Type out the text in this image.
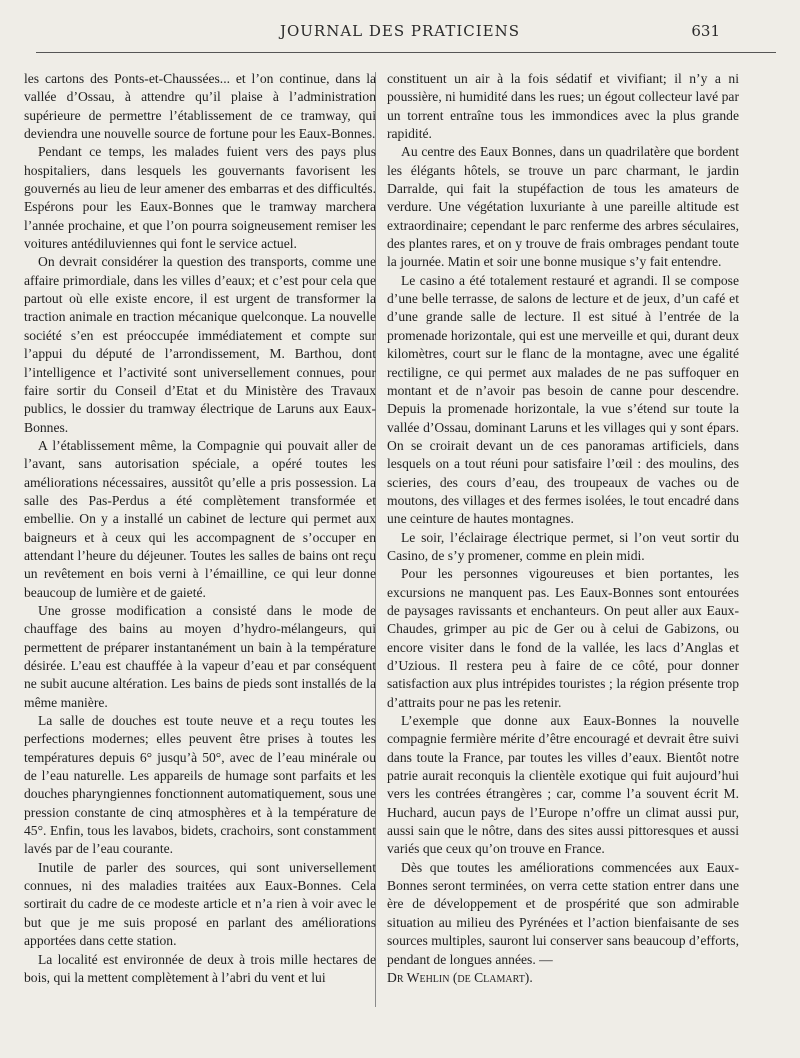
JOURNAL DES PRATICIENS	631

les cartons des Ponts-et-Chaussées... et l’on continue, dans la vallée d’Ossau, à attendre qu’il plaise à l’administration supérieure de permettre l’établissement de ce tramway, qui deviendra une nouvelle source de fortune pour les Eaux-Bonnes.

Pendant ce temps, les malades fuient vers des pays plus hospitaliers, dans lesquels les gouvernants favorisent les gouvernés au lieu de leur amener des embarras et des difficultés. Espérons pour les Eaux-Bonnes que le tramway marchera l’année prochaine, et que l’on pourra soigneusement remiser les voitures antédiluviennes qui font le service actuel.

On devrait considérer la question des transports, comme une affaire primordiale, dans les villes d’eaux; et c’est pour cela que partout où elle existe encore, il est urgent de transformer la traction animale en traction mécanique quelconque. La nouvelle société s’en est préoccupée immédiatement et compte sur l’appui du député de l’arrondissement, M. Barthou, dont l’intelligence et l’activité sont universellement connues, pour faire sortir du Conseil d’Etat et du Ministère des Travaux publics, le dossier du tramway électrique de Laruns aux Eaux-Bonnes.

A l’établissement même, la Compagnie qui pouvait aller de l’avant, sans autorisation spéciale, a opéré toutes les améliorations nécessaires, aussitôt qu’elle a pris possession. La salle des Pas-Perdus a été complètement transformée et embellie. On y a installé un cabinet de lecture qui permet aux baigneurs et à ceux qui les accompagnent de s’occuper en attendant l’heure du déjeuner. Toutes les salles de bains ont reçu un revêtement en bois verni à l’émailline, ce qui leur donne beaucoup de lumière et de gaieté.

Une grosse modification a consisté dans le mode de chauffage des bains au moyen d’hydro-mélangeurs, qui permettent de préparer instantanément un bain à la température désirée. L’eau est chauffée à la vapeur d’eau et par conséquent ne subit aucune altération. Les bains de pieds sont installés de la même manière.

La salle de douches est toute neuve et a reçu toutes les perfections modernes; elles peuvent être prises à toutes les températures depuis 6° jusqu’à 50°, avec de l’eau minérale ou de l’eau naturelle. Les appareils de humage sont parfaits et les douches pharyngiennes fonctionnent automatiquement, sous une pression constante de cinq atmosphères et à la température de 45°. Enfin, tous les lavabos, bidets, crachoirs, sont constamment lavés par de l’eau courante.

Inutile de parler des sources, qui sont universellement connues, ni des maladies traitées aux Eaux-Bonnes. Cela sortirait du cadre de ce modeste article et n’a rien à voir avec le but que je me suis proposé en parlant des améliorations apportées dans cette station.

La localité est environnée de deux à trois mille hectares de bois, qui la mettent complètement à l’abri du vent et lui

constituent un air à la fois sédatif et vivifiant; il n’y a ni poussière, ni humidité dans les rues; un égout collecteur lavé par un torrent entraîne tous les immondices avec la plus grande rapidité.

Au centre des Eaux Bonnes, dans un quadrilatère que bordent les élégants hôtels, se trouve un parc charmant, le jardin Darralde, qui fait la stupéfaction de tous les amateurs de verdure. Une végétation luxuriante à une pareille altitude est extraordinaire; cependant le parc renferme des arbres séculaires, des plantes rares, et on y trouve de frais ombrages pendant toute la journée. Matin et soir une bonne musique s’y fait entendre.

Le casino a été totalement restauré et agrandi. Il se compose d’une belle terrasse, de salons de lecture et de jeux, d’un café et d’une grande salle de lecture. Il est situé à l’entrée de la promenade horizontale, qui est une merveille et qui, durant deux kilomètres, court sur le flanc de la montagne, avec une égalité rectiligne, ce qui permet aux malades de ne pas suffoquer en montant et de n’avoir pas besoin de canne pour descendre. Depuis la promenade horizontale, la vue s’étend sur toute la vallée d’Ossau, dominant Laruns et les villages qui y sont épars. On se croirait devant un de ces panoramas artificiels, dans lesquels on a tout réuni pour satisfaire l’œil : des moulins, des scieries, des cours d’eau, des troupeaux de vaches ou de moutons, des villages et des fermes isolées, le tout encadré dans une ceinture de hautes montagnes.

Le soir, l’éclairage électrique permet, si l’on veut sortir du Casino, de s’y promener, comme en plein midi.

Pour les personnes vigoureuses et bien portantes, les excursions ne manquent pas. Les Eaux-Bonnes sont entourées de paysages ravissants et enchanteurs. On peut aller aux Eaux-Chaudes, grimper au pic de Ger ou à celui de Gabizons, ou encore visiter dans le fond de la vallée, les lacs d’Anglas et d’Uzious. Il restera peu à faire de ce côté, pour donner satisfaction aux plus intrépides touristes ; la région présente trop d’attraits pour ne pas les retenir.

L’exemple que donne aux Eaux-Bonnes la nouvelle compagnie fermière mérite d’être encouragé et devrait être suivi dans toute la France, par toutes les villes d’eaux. Bientôt notre patrie aurait reconquis la clientèle exotique qui fuit aujourd’hui vers les contrées étrangères ; car, comme l’a souvent écrit M. Huchard, aucun pays de l’Europe n’offre un climat aussi pur, aussi sain que le nôtre, dans des sites aussi pittoresques et aussi variés que ceux qu’on trouve en France.

Dès que toutes les améliorations commencées aux Eaux-Bonnes seront terminées, on verra cette station entrer dans une ère de développement et de prospérité que son admirable situation au milieu des Pyrénées et l’action bienfaisante de ses sources multiples, sauront lui conserver sans beaucoup d’efforts, pendant de longues années. —

Dr Wehlin (de Clamart).
